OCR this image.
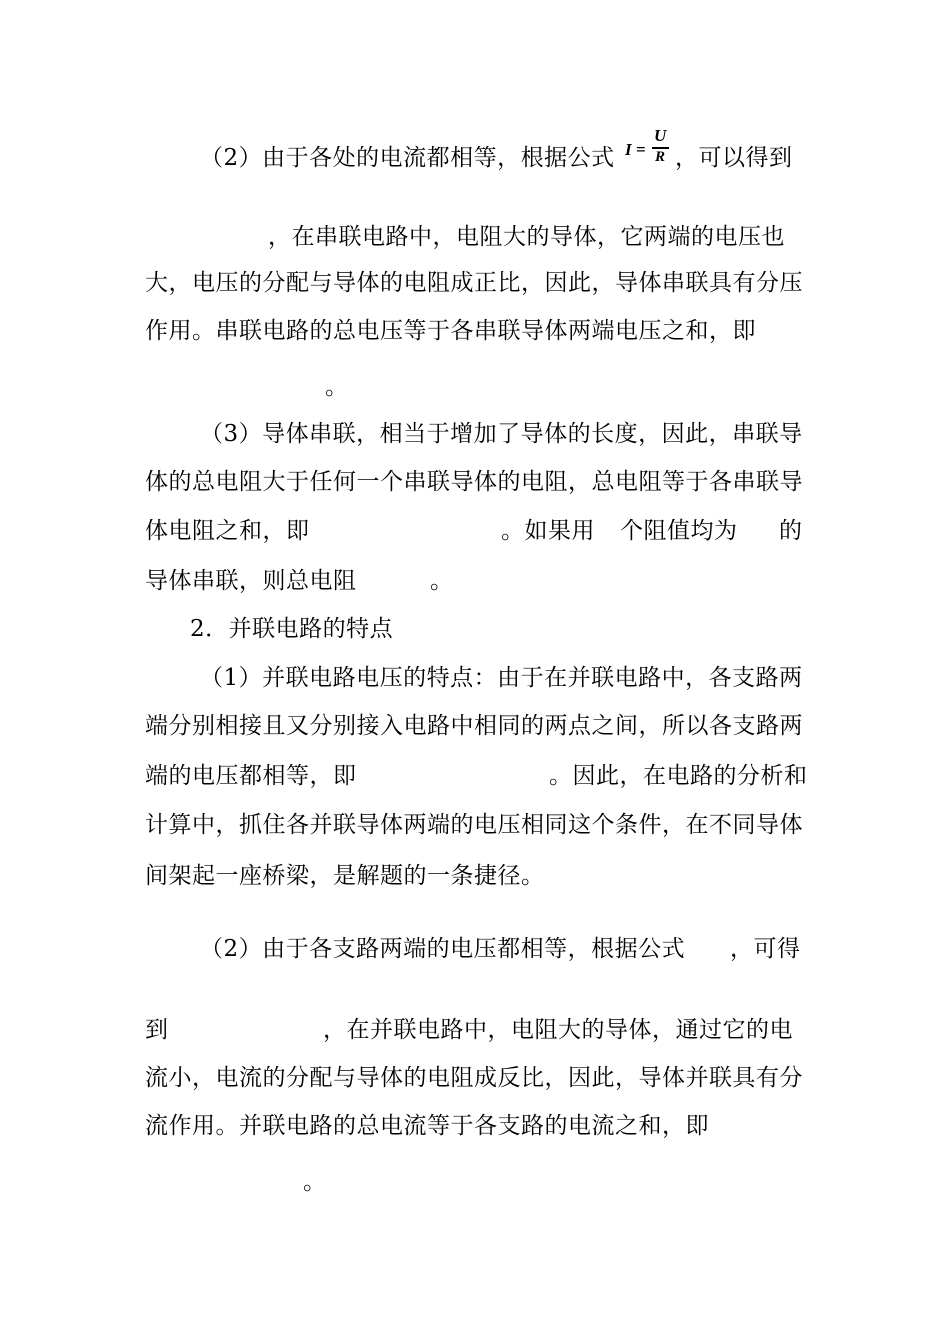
（2）由于各处的电流都相等，根据公式 I =
U
R ，可以得到
，在串联电路中，电阻大的导体，它两端的电压也
大，电压的分配与导体的电阻成正比，因此，导体串联具有分压
作用。串联电路的总电压等于各串联导体两端电压之和，即
。
（3）导体串联，相当于增加了导体的长度，因此，串联导
体的总电阻大于任何一个串联导体的电阻，总电阻等于各串联导
体电阻之和，即	。如果用 个阻值均为 的
导体串联，则总电阻	。
2．并联电路的特点
（1）并联电路电压的特点：由于在并联电路中，各支路两
端分别相接且又分别接入电路中相同的两点之间，所以各支路两
端的电压都相等，即	。因此，在电路的分析和
计算中，抓住各并联导体两端的电压相同这个条件，在不同导体
间架起一座桥梁，是解题的一条捷径。
（2）由于各支路两端的电压都相等，根据公式 ，可得
到	，在并联电路中，电阻大的导体，通过它的电
流小，电流的分配与导体的电阻成反比，因此，导体并联具有分
流作用。并联电路的总电流等于各支路的电流之和，即
。
